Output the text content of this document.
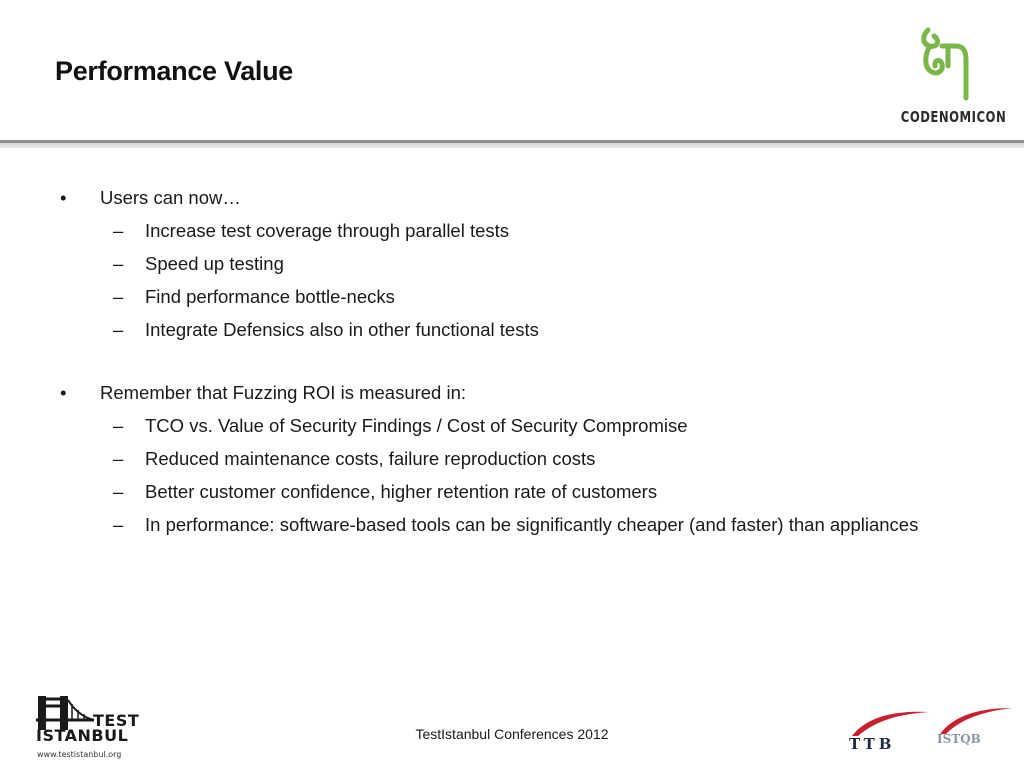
Performance Value
CODENOMICON
•	Users can now…
– Increase test coverage through parallel tests
– Speed up testing
– Find performance bottle-necks
– Integrate Defensics also in other functional tests
•	Remember that Fuzzing ROI is measured in:
– TCO vs. Value of Security Findings / Cost of Security Compromise
– Reduced maintenance costs, failure reproduction costs
– Better customer confidence, higher retention rate of customers
– In performance: software-based tools can be significantly cheaper (and faster) than appliances
TEST
ISTANBUL
www.testistanbul.org
TestIstanbul Conferences 2012
TTB	ISTQB
